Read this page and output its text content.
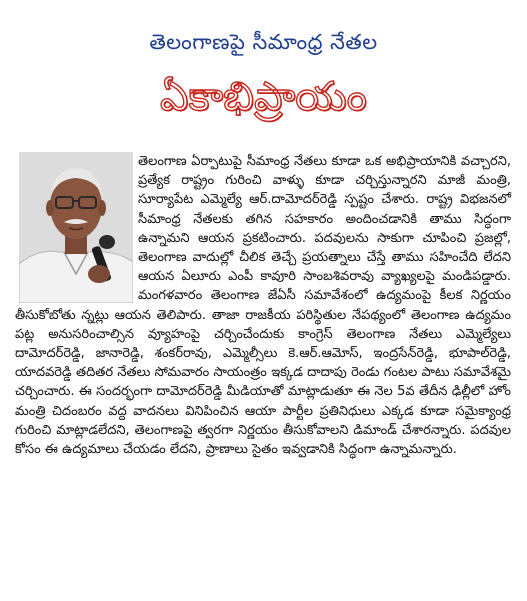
తెలంగాణపై సీమాంధ్ర నేతల
ఏకాభిప్రాయం

తెలంగాణ ఏర్పాటుపై సీమాంధ్ర నేతలు కూడా ఒక అభిప్రాయానికి వచ్చారని, ప్రత్యేక రాష్ట్రం గురించి వాళ్ళు కూడా చర్చిస్తున్నారని మాజీ మంత్రి, సూర్యాపేట ఎమ్మెల్యే ఆర్.దామోదర్‌రెడ్డి స్పష్టం చేశారు. రాష్ట్ర విభజనలో సీమాంధ్ర నేతలకు తగిన సహకారం అందించడానికి తాము సిద్ధంగా ఉన్నామని ఆయన ప్రకటించారు. పదవులను సాకుగా చూపించి ప్రజల్లో, తెలంగాణ వాదుల్లో చీలిక తెచ్చే ప్రయత్నాలు చేస్తే తాము సహించేది లేదని ఆయన ఏలూరు ఎంపీ కావూరి సాంబశివరావు వ్యాఖ్యలపై మండిపడ్డారు. మంగళవారం తెలంగాణ జేఏసీ సమావేశంలో ఉద్యమంపై కీలక నిర్ణయం తీసుకోబోతు న్నట్లు ఆయన తెలిపారు. తాజా రాజకీయ పరిస్థితుల నేపథ్యంలో తెలంగాణ ఉద్యమం పట్ల అనుసరించాల్సిన వ్యూహంపై చర్చించేందుకు కాంగ్రెస్ తెలంగాణ నేతలు ఎమ్మెల్యేలు దామోదర్‌రెడ్డి, జానారెడ్డి, శంకర్‌రావు, ఎమ్మెల్సీలు కె.ఆర్.ఆమోస్, ఇంద్రసేన్‌రెడ్డి, భూపాల్‌రెడ్డి, యాదవరెడ్డి తదితర నేతలు సోమవారం సాయంత్రం ఇక్కడ దాదాపు రెండు గంటల పాటు సమావేశమై చర్చించారు. ఈ సందర్భంగా దామోదర్‌రెడ్డి మీడియాతో మాట్లాడుతూ ఈ నెల 5వ తేదీన ఢిల్లీలో హోం మంత్రి చిదంబరం వద్ద వాదనలు వినిపించిన ఆయా పార్టీల ప్రతినిధులు ఎక్కడ కూడా సమైక్యాంధ్ర గురించి మాట్లాడలేదని, తెలంగాణపై త్వరగా నిర్ణయం తీసుకోవాలని డిమాండ్ చేశారన్నారు. పదవుల కోసం ఈ ఉద్యమాలు చేయడం లేదని, ప్రాణాలు సైతం ఇవ్వడానికి సిద్ధంగా ఉన్నామన్నారు.
